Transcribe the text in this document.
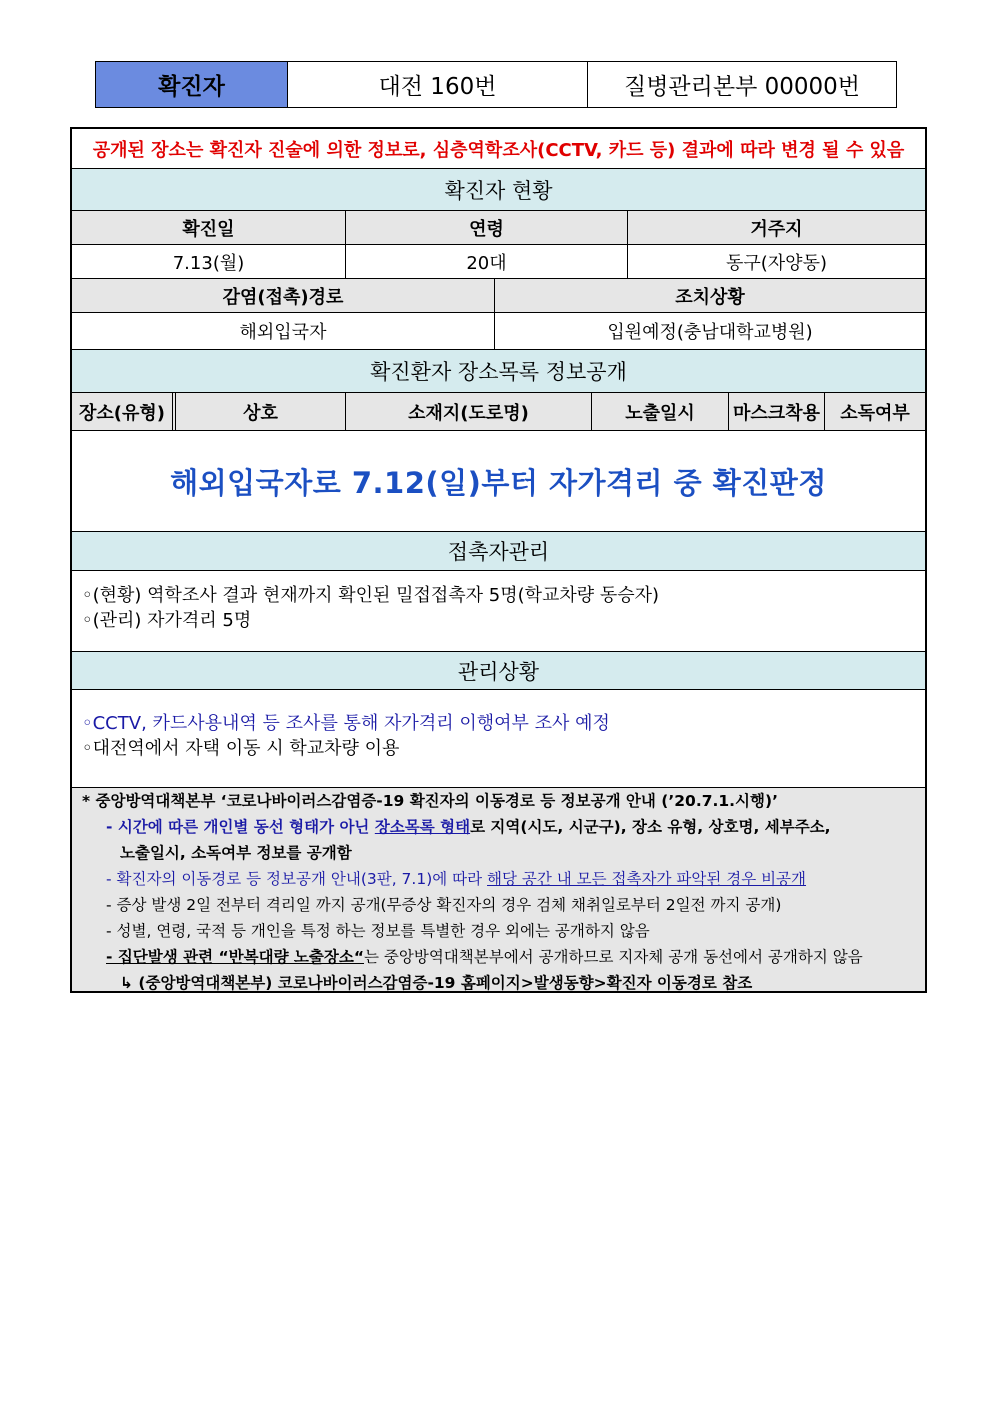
확진자	대전 160번	질병관리본부 00000번
공개된 장소는 확진자 진술에 의한 정보로, 심층역학조사(CCTV, 카드 등) 결과에 따라 변경 될 수 있음
확진자 현황
확진일	연령	거주지
7.13(월)	20대	동구(자양동)
감염(접촉)경로	조치상황
해외입국자	입원예정(충남대학교병원)
확진환자 장소목록 정보공개
장소(유형)	상호	소재지(도로명)	노출일시	마스크착용	소독여부
해외입국자로 7.12(일)부터 자가격리 중 확진판정
접촉자관리
◦(현황) 역학조사 결과 현재까지 확인된 밀접접촉자 5명(학교차량 동승자)
◦(관리) 자가격리 5명
관리상황
◦CCTV, 카드사용내역 등 조사를 통해 자가격리 이행여부 조사 예정
◦대전역에서 자택 이동 시 학교차량 이용
* 중앙방역대책본부 ‘코로나바이러스감염증-19 확진자의 이동경로 등 정보공개 안내 (’20.7.1.시행)’
- 시간에 따른 개인별 동선 형태가 아닌 장소목록 형태로 지역(시도, 시군구), 장소 유형, 상호명, 세부주소,
노출일시, 소독여부 정보를 공개함
- 확진자의 이동경로 등 정보공개 안내(3판, 7.1)에 따라 해당 공간 내 모든 접촉자가 파악된 경우 비공개
- 증상 발생 2일 전부터 격리일 까지 공개(무증상 확진자의 경우 검체 채취일로부터 2일전 까지 공개)
- 성별, 연령, 국적 등 개인을 특정 하는 정보를 특별한 경우 외에는 공개하지 않음
- 집단발생 관련 “반복대량 노출장소“는 중앙방역대책본부에서 공개하므로 지자체 공개 동선에서 공개하지 않음
↳ (중앙방역대책본부) 코로나바이러스감염증-19 홈페이지>발생동향>확진자 이동경로 참조
